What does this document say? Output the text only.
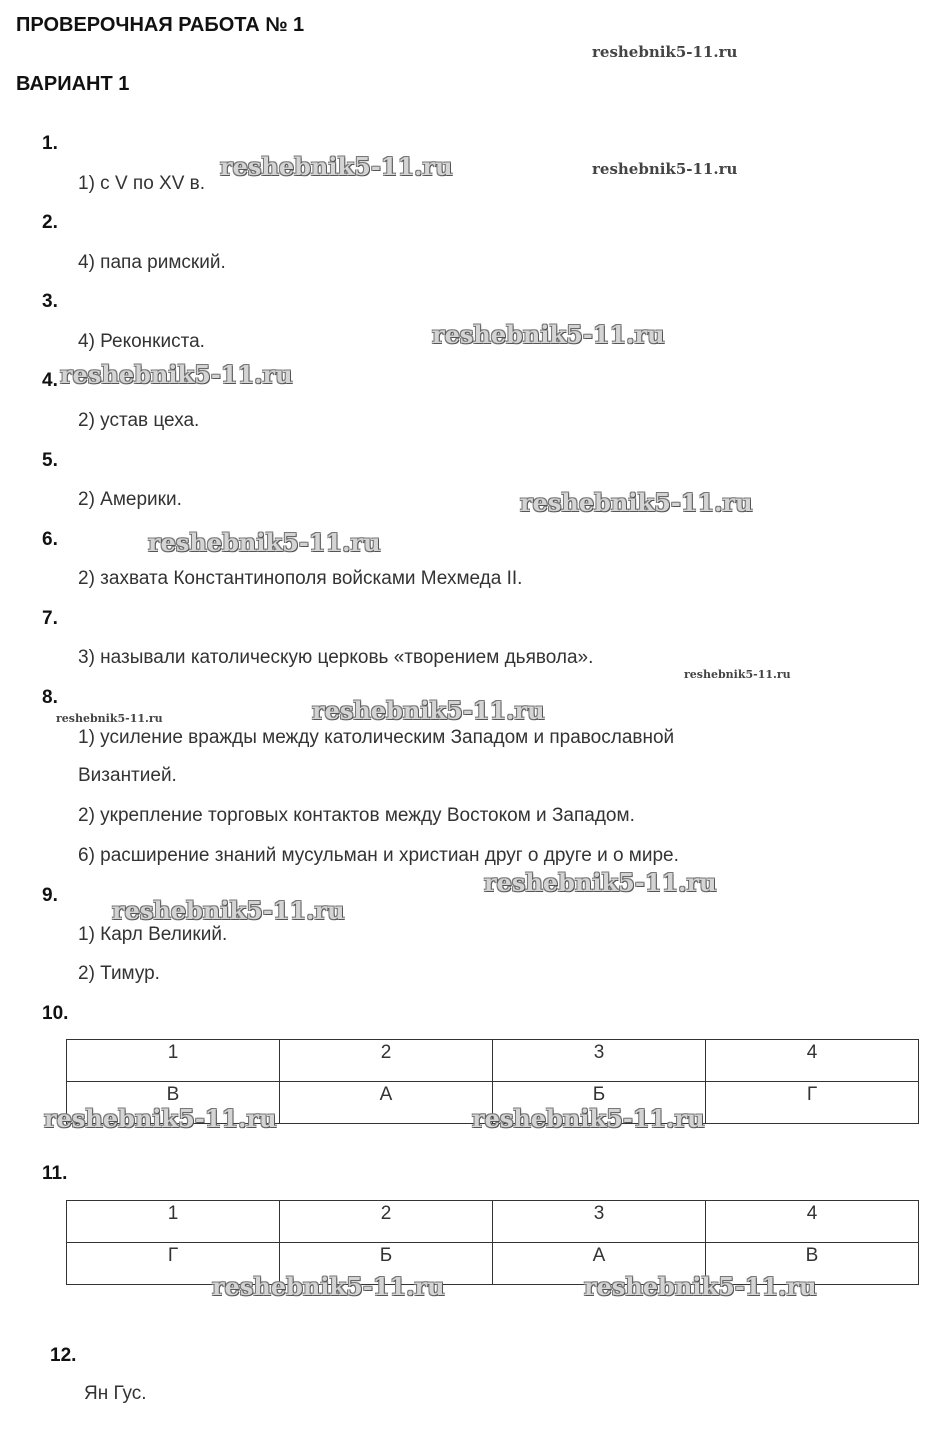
ПРОВЕРОЧНАЯ РАБОТА № 1
ВАРИАНТ 1
1.
1) с V по XV в.
2.
4) папа римский.
3.
4) Реконкиста.
4.
2) устав цеха.
5.
2) Америки.
6.
2) захвата Константинополя войсками Мехмеда II.
7.
3) называли католическую церковь «творением дьявола».
8.
1) усиление вражды между католическим Западом и православной
Византией.
2) укрепление торговых контактов между Востоком и Западом.
6) расширение знаний мусульман и христиан друг о друге и о мире.
9.
1) Карл Великий.
2) Тимур.
10.
1	2	3	4
В	А	Б	Г
11.
1	2	3	4
Г	Б	А	В
12.
Ян Гус.
reshebnik5-11.ru
reshebnik5-11.ru	reshebnik5-11.ru
reshebnik5-11.ru
reshebnik5-11.ru
reshebnik5-11.ru
reshebnik5-11.ru
reshebnik5-11.ru
reshebnik5-11.ru
reshebnik5-11.ru
reshebnik5-11.ru
reshebnik5-11.ru
reshebnik5-11.ru	reshebnik5-11.ru
reshebnik5-11.ru	reshebnik5-11.ru
